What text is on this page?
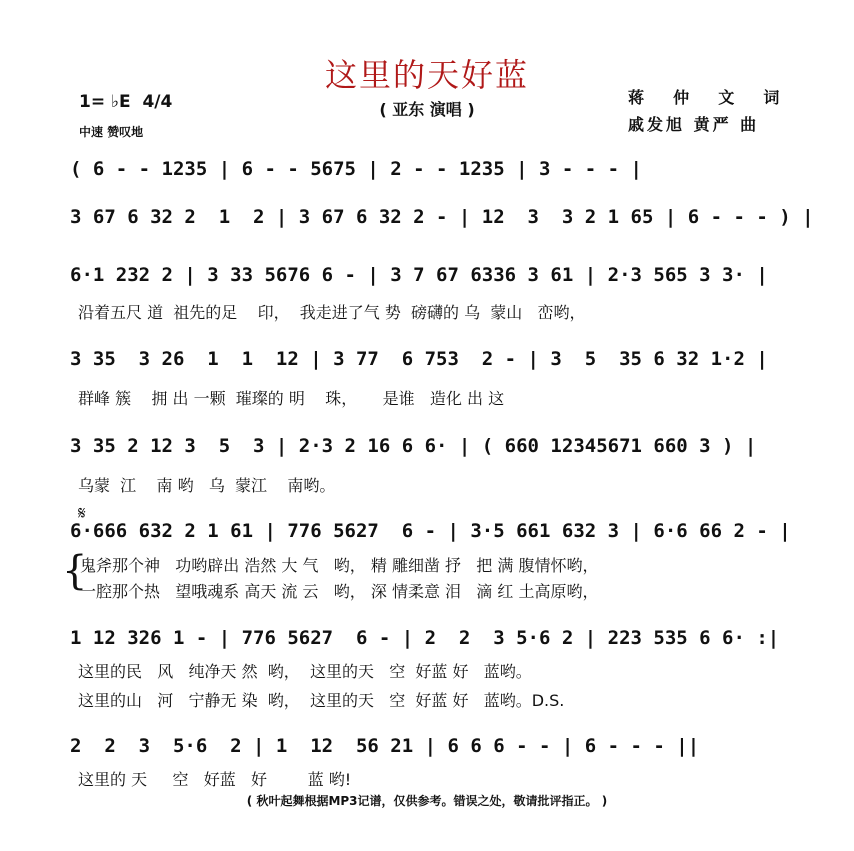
这里的天好蓝
( 亚东 演唱 )
1= ♭E  4/4
中速 赞叹地
蒋  仲  文  词
戚发旭 黄严 曲
( 6 - - 1235 | 6 - - 5675 | 2 - - 1235 | 3 - - - |
3 67 6 32 2  1  2 | 3 67 6 32 2 - | 12  3  3 2 1 65 | 6 - - - ) |
6·1 232 2 | 3 33 5676 6 - | 3 7 67 6336 3 61 | 2·3 565 3 3· |
沿着五尺 道  祖先的足    印，  我走进了气 势  磅礴的 乌  蒙山   峦哟，
3 35  3 26  1  1  12 | 3 77  6 753  2 - | 3  5  35 6 32 1·2 |
群峰 簇    拥 出 一颗  璀璨的 明    珠，     是谁   造化 出 这
3 35 2 12 3  5  3 | 2·3 2 16 6 6· | ( 660 12345671 660 3 ) |
乌蒙  江    南 哟   乌  蒙江    南哟。
𝄋
6·666 632 2 1 61 | 776 5627  6 - | 3·5 661 632 3 | 6·6 66 2 - |
{
鬼斧那个神   功哟辟出 浩然 大 气   哟， 精 雕细凿 抒   把 满 腹情怀哟，
一腔那个热   望哦魂系 高天 流 云   哟， 深 情柔意 泪   滴 红 土高原哟，
1 12 326 1 - | 776 5627  6 - | 2  2  3 5·6 2 | 223 535 6 6· :|
这里的民   风   纯净天 然  哟，  这里的天   空  好蓝 好   蓝哟。
这里的山   河   宁静无 染  哟，  这里的天   空  好蓝 好   蓝哟。D.S.
2  2  3  5·6  2 | 1  12  56 21 | 6 6 6 - - | 6 - - - ||
这里的 天     空   好蓝   好        蓝 哟!
( 秋叶起舞根据MP3记谱，仅供参考。错误之处，敬请批评指正。 )
